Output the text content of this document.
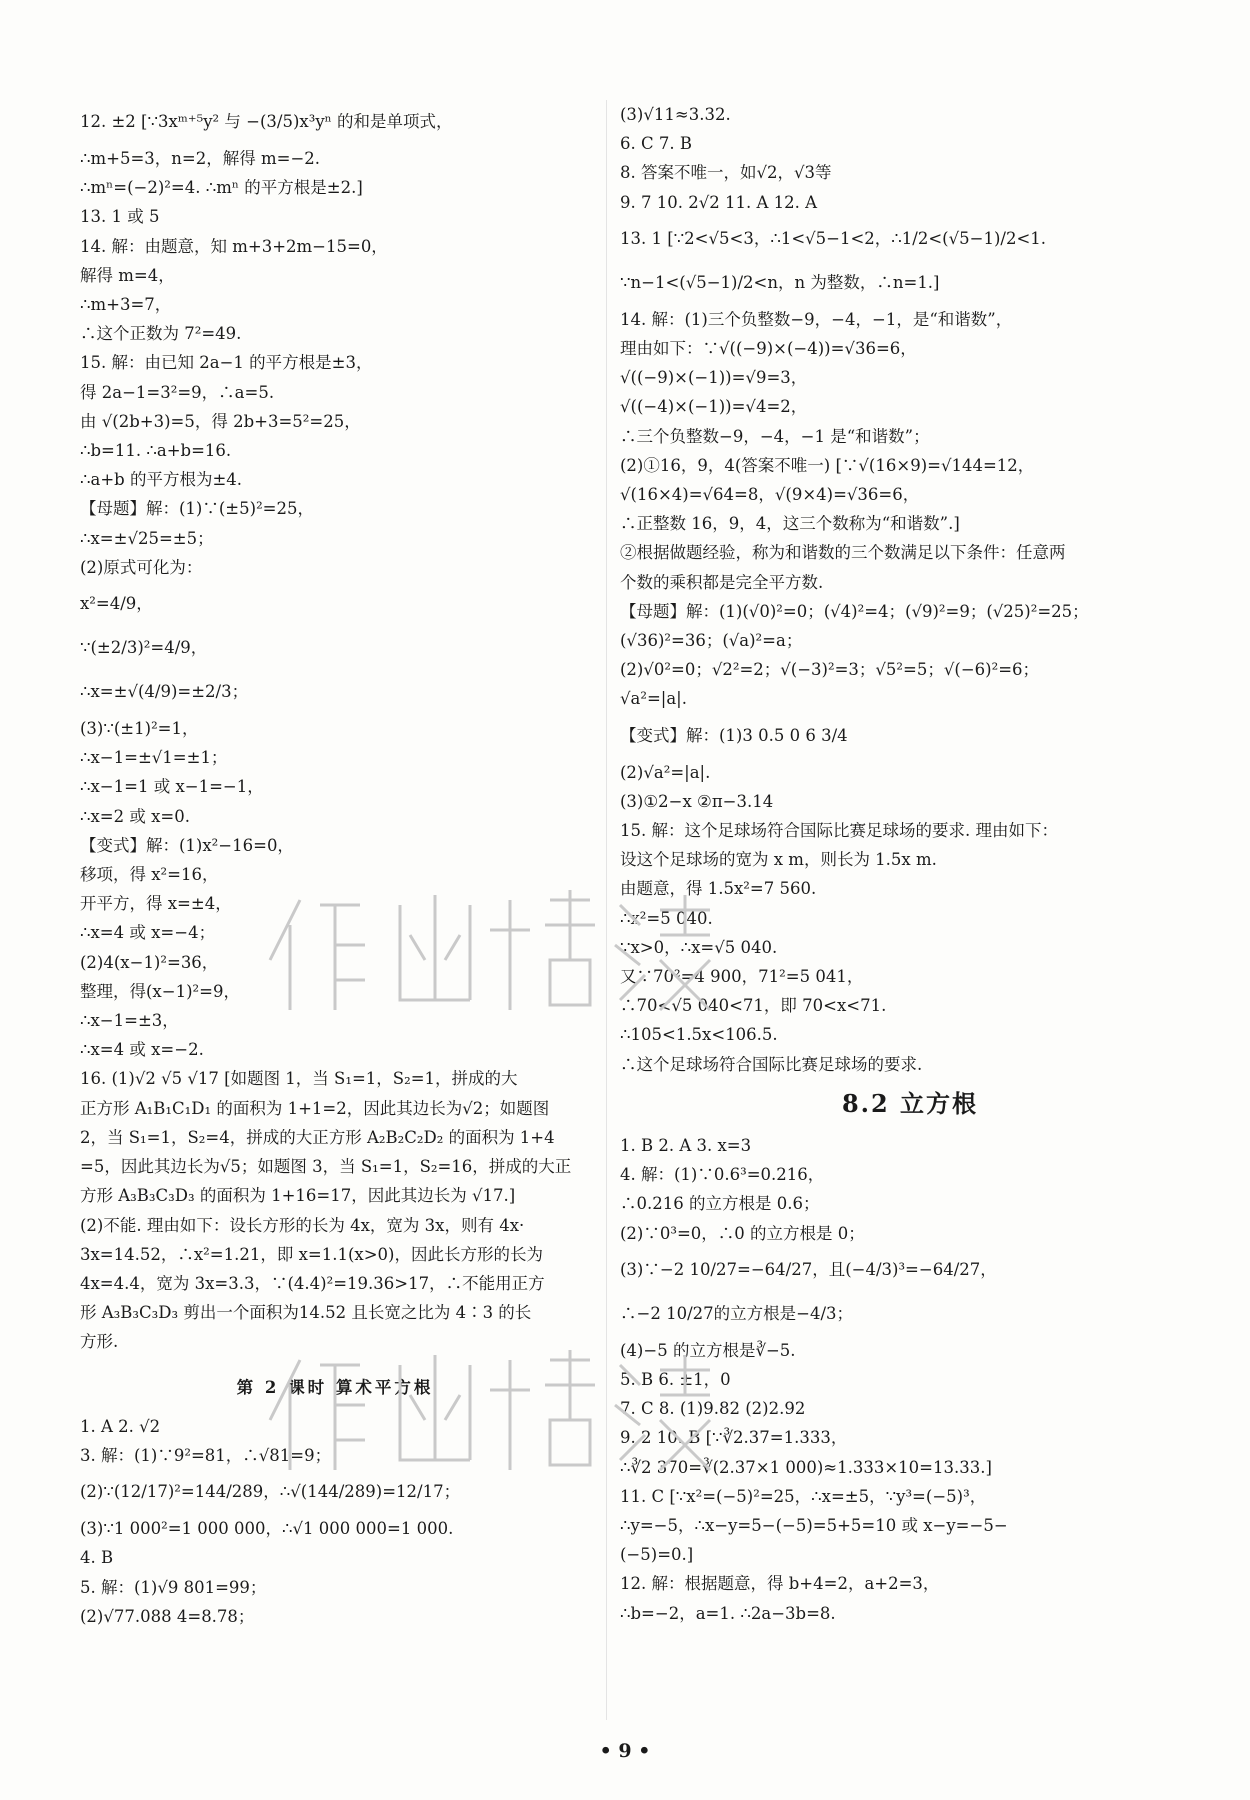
12. ±2 [∵3xᵐ⁺⁵y² 与 −(3/5)x³yⁿ 的和是单项式，
∴m+5=3，n=2，解得 m=−2.
∴mⁿ=(−2)²=4. ∴mⁿ 的平方根是±2.]
13. 1 或 5
14. 解：由题意，知 m+3+2m−15=0，
解得 m=4，
∴m+3=7，
∴这个正数为 7²=49.
15. 解：由已知 2a−1 的平方根是±3，
得 2a−1=3²=9，∴a=5.
由 √(2b+3)=5，得 2b+3=5²=25，
∴b=11. ∴a+b=16.
∴a+b 的平方根为±4.
【母题】解：(1)∵(±5)²=25，
∴x=±√25=±5；
(2)原式可化为：
x²=4/9，
∵(±2/3)²=4/9，
∴x=±√(4/9)=±2/3；
(3)∵(±1)²=1，
∴x−1=±√1=±1；
∴x−1=1 或 x−1=−1，
∴x=2 或 x=0.
【变式】解：(1)x²−16=0，
移项，得 x²=16，
开平方，得 x=±4，
∴x=4 或 x=−4；
(2)4(x−1)²=36，
整理，得(x−1)²=9，
∴x−1=±3，
∴x=4 或 x=−2.
16. (1)√2 √5 √17 [如题图 1，当 S₁=1，S₂=1，拼成的大
正方形 A₁B₁C₁D₁ 的面积为 1+1=2，因此其边长为√2；如题图
2，当 S₁=1，S₂=4，拼成的大正方形 A₂B₂C₂D₂ 的面积为 1+4
=5，因此其边长为√5；如题图 3，当 S₁=1，S₂=16，拼成的大正
方形 A₃B₃C₃D₃ 的面积为 1+16=17，因此其边长为 √17.]
(2)不能. 理由如下：设长方形的长为 4x，宽为 3x，则有 4x·
3x=14.52，∴x²=1.21，即 x=1.1(x>0)，因此长方形的长为
4x=4.4，宽为 3x=3.3，∵(4.4)²=19.36>17，∴不能用正方
形 A₃B₃C₃D₃ 剪出一个面积为14.52 且长宽之比为 4∶3 的长
方形.
第 2 课时 算术平方根
1. A 2. √2
3. 解：(1)∵9²=81，∴√81=9；
(2)∵(12/17)²=144/289，∴√(144/289)=12/17；
(3)∵1 000²=1 000 000，∴√1 000 000=1 000.
4. B
5. 解：(1)√9 801=99；
(2)√77.088 4=8.78；
(3)√11≈3.32.
6. C 7. B
8. 答案不唯一，如√2，√3等
9. 7 10. 2√2 11. A 12. A
13. 1 [∵2<√5<3，∴1<√5−1<2，∴1/2<(√5−1)/2<1.
∵n−1<(√5−1)/2<n，n 为整数，∴n=1.]
14. 解：(1)三个负整数−9，−4，−1，是“和谐数”，
理由如下：∵√((−9)×(−4))=√36=6，
√((−9)×(−1))=√9=3，
√((−4)×(−1))=√4=2，
∴三个负整数−9，−4，−1 是“和谐数”；
(2)①16，9，4(答案不唯一) [∵√(16×9)=√144=12，
√(16×4)=√64=8，√(9×4)=√36=6，
∴正整数 16，9，4，这三个数称为“和谐数”.]
②根据做题经验，称为和谐数的三个数满足以下条件：任意两
个数的乘积都是完全平方数.
【母题】解：(1)(√0)²=0；(√4)²=4；(√9)²=9；(√25)²=25；
(√36)²=36；(√a)²=a；
(2)√0²=0；√2²=2；√(−3)²=3；√5²=5；√(−6)²=6；
√a²=|a|.
【变式】解：(1)3 0.5 0 6 3/4
(2)√a²=|a|.
(3)①2−x ②π−3.14
15. 解：这个足球场符合国际比赛足球场的要求. 理由如下：
设这个足球场的宽为 x m，则长为 1.5x m.
由题意，得 1.5x²=7 560.
∴x²=5 040.
∵x>0，∴x=√5 040.
又∵70²=4 900，71²=5 041，
∴70<√5 040<71，即 70<x<71.
∴105<1.5x<106.5.
∴这个足球场符合国际比赛足球场的要求.
8.2 立方根
1. B 2. A 3. x=3
4. 解：(1)∵0.6³=0.216，
∴0.216 的立方根是 0.6；
(2)∵0³=0，∴0 的立方根是 0；
(3)∵−2 10/27=−64/27，且(−4/3)³=−64/27，
∴−2 10/27的立方根是−4/3；
(4)−5 的立方根是∛−5.
5. B 6. ±1，0
7. C 8. (1)9.82 (2)2.92
9. 2 10. B [∵∛2.37=1.333，
∴∛2 370=∛(2.37×1 000)≈1.333×10=13.33.]
11. C [∵x²=(−5)²=25，∴x=±5，∵y³=(−5)³，
∴y=−5，∴x−y=5−(−5)=5+5=10 或 x−y=−5−
(−5)=0.]
12. 解：根据题意，得 b+4=2，a+2=3，
∴b=−2，a=1. ∴2a−3b=8.
• 9 •
